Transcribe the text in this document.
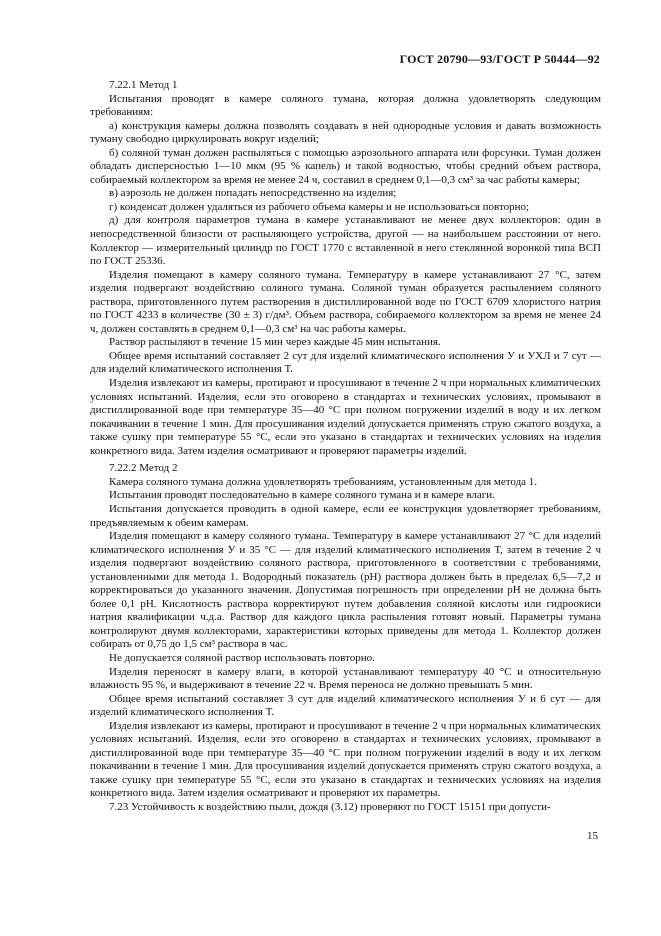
ГОСТ 20790—93/ГОСТ Р 50444—92

7.22.1 Метод 1

Испытания проводят в камере соляного тумана, которая должна удовлетворять следующим требованиям:

а) конструкция камеры должна позволять создавать в ней однородные условия и давать возможность туману свободно циркулировать вокруг изделий;

б) соляной туман должен распыляться с помощью аэрозольного аппарата или форсунки. Туман должен обладать дисперсностью 1—10 мкм (95 % капель) и такой водностью, чтобы средний объем раствора, собираемый коллектором за время не менее 24 ч, составил в среднем 0,1—0,3 см³ за час работы камеры;

в) аэрозоль не должен попадать непосредственно на изделия;

г) конденсат должен удаляться из рабочего объема камеры и не использоваться повторно;

д) для контроля параметров тумана в камере устанавливают не менее двух коллекторов: один в непосредственной близости от распыляющего устройства, другой — на наибольшем расстоянии от него. Коллектор — измерительный цилиндр по ГОСТ 1770 с вставленной в него стеклянной воронкой типа ВСП по ГОСТ 25336.

Изделия помещают в камеру соляного тумана. Температуру в камере устанавливают 27 °С, затем изделия подвергают воздействию соляного тумана. Соляной туман образуется распылением соляного раствора, приготовленного путем растворения в дистиллированной воде по ГОСТ 6709 хлористого натрия по ГОСТ 4233 в количестве (30 ± 3) г/дм³. Объем раствора, собираемого коллектором за время не менее 24 ч, должен составлять в среднем 0,1—0,3 см³ на час работы камеры.

Раствор распыляют в течение 15 мин через каждые 45 мин испытания.

Общее время испытаний составляет 2 сут для изделий климатического исполнения У и УХЛ и 7 сут — для изделий климатического исполнения Т.

Изделия извлекают из камеры, протирают и просушивают в течение 2 ч при нормальных климатических условиях испытаний. Изделия, если это оговорено в стандартах и технических условиях, промывают в дистиллированной воде при температуре 35—40 °С при полном погружении изделий в воду и их легком покачивании в течение 1 мин. Для просушивания изделий допускается применять струю сжатого воздуха, а также сушку при температуре 55 °С, если это указано в стандартах и технических условиях на изделия конкретного вида. Затем изделия осматривают и проверяют параметры изделий.

7.22.2 Метод 2

Камера соляного тумана должна удовлетворять требованиям, установленным для метода 1.

Испытания проводят последовательно в камере соляного тумана и в камере влаги.

Испытания допускается проводить в одной камере, если ее конструкция удовлетворяет требованиям, предъявляемым к обеим камерам.

Изделия помещают в камеру соляного тумана. Температуру в камере устанавливают 27 °С для изделий климатического исполнения У и 35 °С — для изделий климатического исполнения Т, затем в течение 2 ч изделия подвергают воздействию соляного раствора, приготовленного в соответствии с требованиями, установленными для метода 1. Водородный показатель (рН) раствора должен быть в пределах 6,5—7,2 и корректироваться до указанного значения. Допустимая погрешность при определении рН не должна быть более 0,1 рН. Кислотность раствора корректируют путем добавления соляной кислоты или гидроокиси натрия квалификации ч.д.а. Раствор для каждого цикла распыления готовят новый. Параметры тумана контролируют двумя коллекторами, характеристики которых приведены для метода 1. Коллектор должен собирать от 0,75 до 1,5 см³ раствора в час.

Не допускается соляной раствор использовать повторно.

Изделия переносят в камеру влаги, в которой устанавливают температуру 40 °С и относительную влажность 95 %, и выдерживают в течение 22 ч. Время переноса не должно превышать 5 мин.

Общее время испытаний составляет 3 сут для изделий климатического исполнения У и 6 сут — для изделий климатического исполнения Т.

Изделия извлекают из камеры, протирают и просушивают в течение 2 ч при нормальных климатических условиях испытаний. Изделия, если это оговорено в стандартах и технических условиях, промывают в дистиллированной воде при температуре 35—40 °С при полном погружении изделий в воду и их легком покачивании в течение 1 мин. Для просушивания изделий допускается применять струю сжатого воздуха, а также сушку при температуре 55 °С, если это указано в стандартах и технических условиях на изделия конкретного вида. Затем изделия осматривают и проверяют их параметры.

7.23 Устойчивость к воздействию пыли, дождя (3.12) проверяют по ГОСТ 15151 при допусти-

15
